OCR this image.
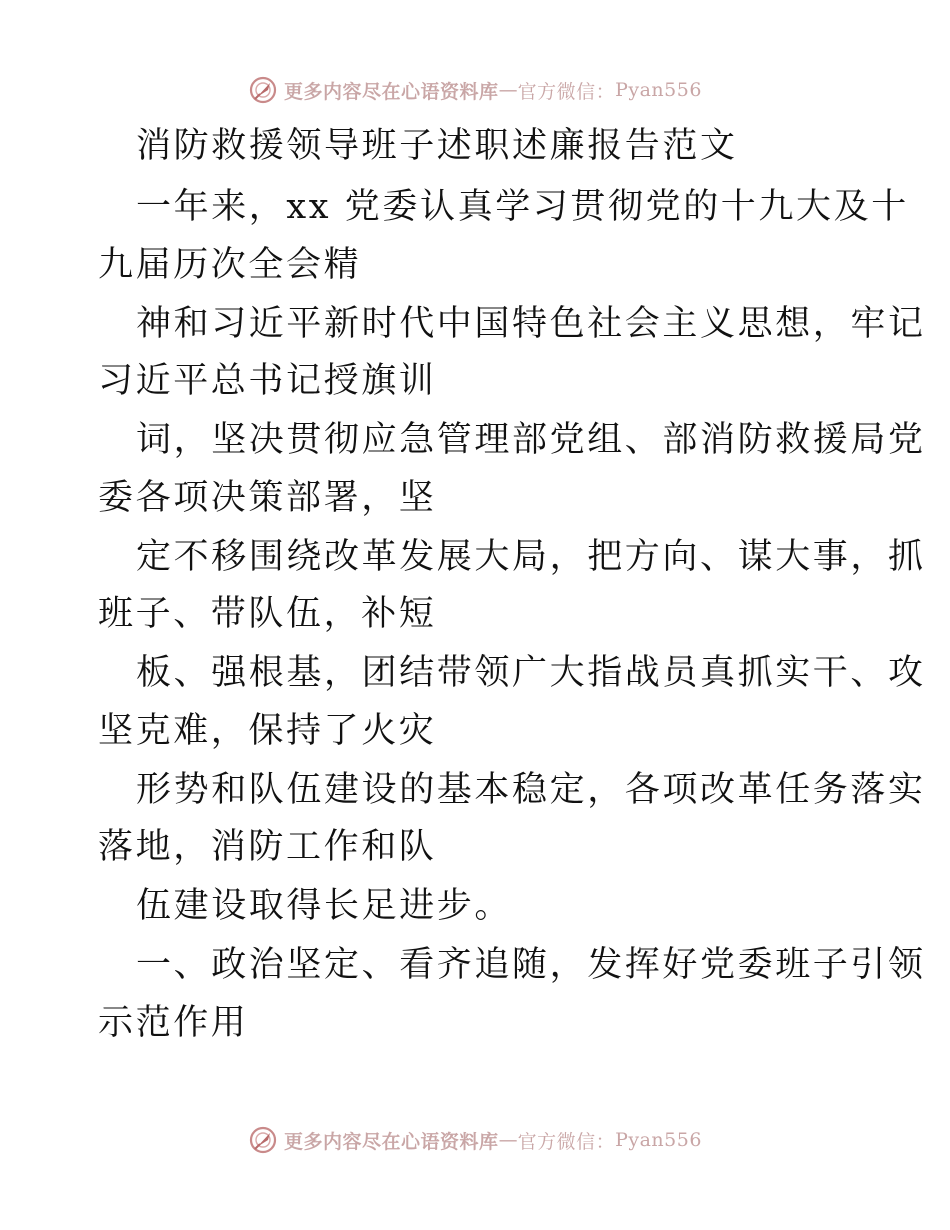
更多内容尽在心语资料库 — 官方微信： Pyan556
消防救援领导班子述职述廉报告范文
一年来，xx 党委认真学习贯彻党的十九大及十
九届历次全会精
神和习近平新时代中国特色社会主义思想，牢记
习近平总书记授旗训
词，坚决贯彻应急管理部党组、部消防救援局党
委各项决策部署，坚
定不移围绕改革发展大局，把方向、谋大事，抓
班子、带队伍，补短
板、强根基，团结带领广大指战员真抓实干、攻
坚克难，保持了火灾
形势和队伍建设的基本稳定，各项改革任务落实
落地，消防工作和队
伍建设取得长足进步。
一、政治坚定、看齐追随，发挥好党委班子引领
示范作用
更多内容尽在心语资料库 — 官方微信： Pyan556
